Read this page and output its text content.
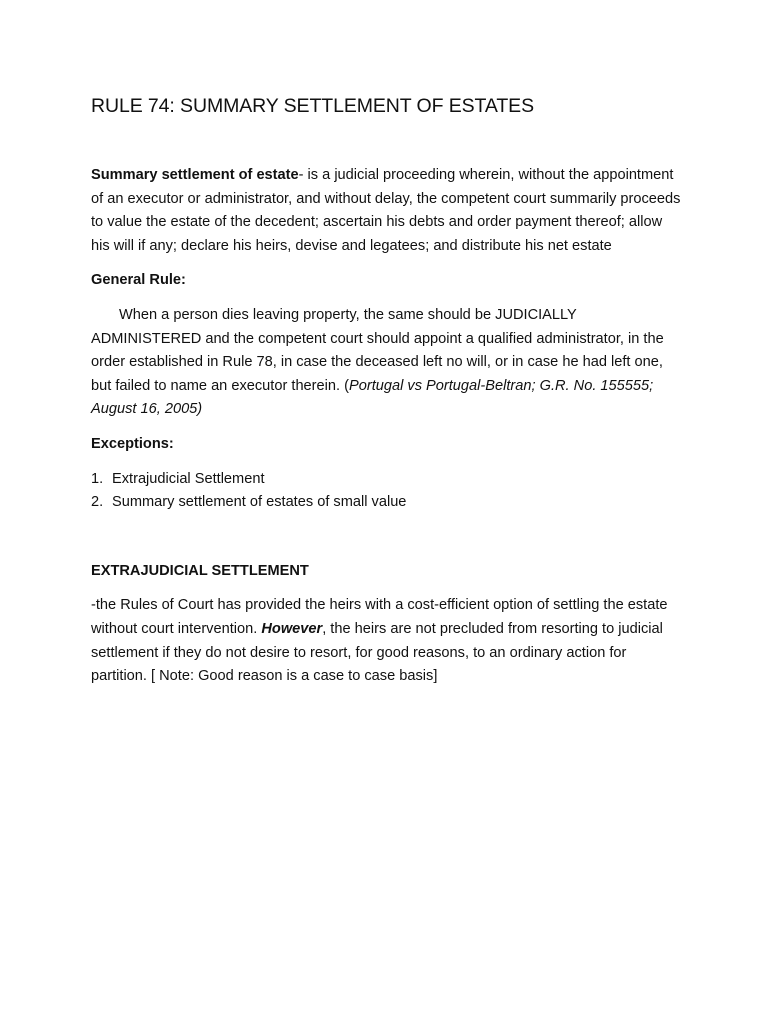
RULE 74: SUMMARY SETTLEMENT OF ESTATES

Summary settlement of estate- is a judicial proceeding wherein, without the appointment of an executor or administrator, and without delay, the competent court summarily proceeds to value the estate of the decedent; ascertain his debts and order payment thereof; allow his will if any; declare his heirs, devise and legatees; and distribute his net estate

General Rule:

When a person dies leaving property, the same should be JUDICIALLY ADMINISTERED and the competent court should appoint a qualified administrator, in the order established in Rule 78, in case the deceased left no will, or in case he had left one, but failed to name an executor therein. (Portugal vs Portugal-Beltran; G.R. No. 155555; August 16, 2005)

Exceptions:
1. Extrajudicial Settlement
2. Summary settlement of estates of small value
EXTRAJUDICIAL SETTLEMENT

-the Rules of Court has provided the heirs with a cost-efficient option of settling the estate without court intervention. However, the heirs are not precluded from resorting to judicial settlement if they do not desire to resort, for good reasons, to an ordinary action for partition. [ Note: Good reason is a case to case basis]
